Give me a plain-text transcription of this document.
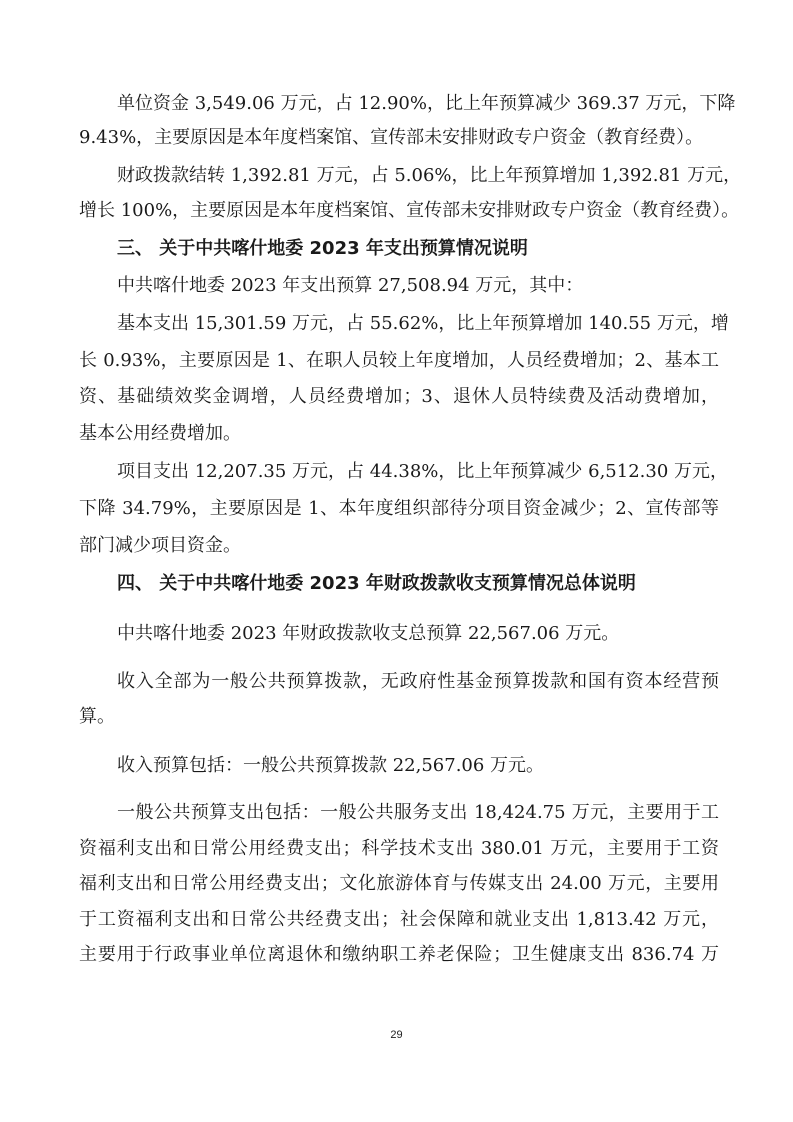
单位资金 3,549.06 万元，占 12.90%，比上年预算减少 369.37 万元，下降
9.43%，主要原因是本年度档案馆、宣传部未安排财政专户资金（教育经费）。
财政拨款结转 1,392.81 万元，占 5.06%，比上年预算增加 1,392.81 万元，
增长 100%，主要原因是本年度档案馆、宣传部未安排财政专户资金（教育经费）。
三、 关于中共喀什地委 2023 年支出预算情况说明
中共喀什地委 2023 年支出预算 27,508.94 万元，其中：
基本支出 15,301.59 万元，占 55.62%，比上年预算增加 140.55 万元，增
长 0.93%，主要原因是 1、在职人员较上年度增加，人员经费增加；2、基本工
资、基础绩效奖金调增，人员经费增加；3、退休人员特续费及活动费增加，
基本公用经费增加。
项目支出 12,207.35 万元，占 44.38%，比上年预算减少 6,512.30 万元，
下降 34.79%，主要原因是 1、本年度组织部待分项目资金减少；2、宣传部等
部门减少项目资金。
四、 关于中共喀什地委 2023 年财政拨款收支预算情况总体说明
中共喀什地委 2023 年财政拨款收支总预算 22,567.06 万元。
收入全部为一般公共预算拨款，无政府性基金预算拨款和国有资本经营预
算。
收入预算包括：一般公共预算拨款 22,567.06 万元。
一般公共预算支出包括：一般公共服务支出 18,424.75 万元，主要用于工
资福利支出和日常公用经费支出；科学技术支出 380.01 万元，主要用于工资
福利支出和日常公用经费支出；文化旅游体育与传媒支出 24.00 万元，主要用
于工资福利支出和日常公共经费支出；社会保障和就业支出 1,813.42 万元，
主要用于行政事业单位离退休和缴纳职工养老保险；卫生健康支出 836.74 万
29
